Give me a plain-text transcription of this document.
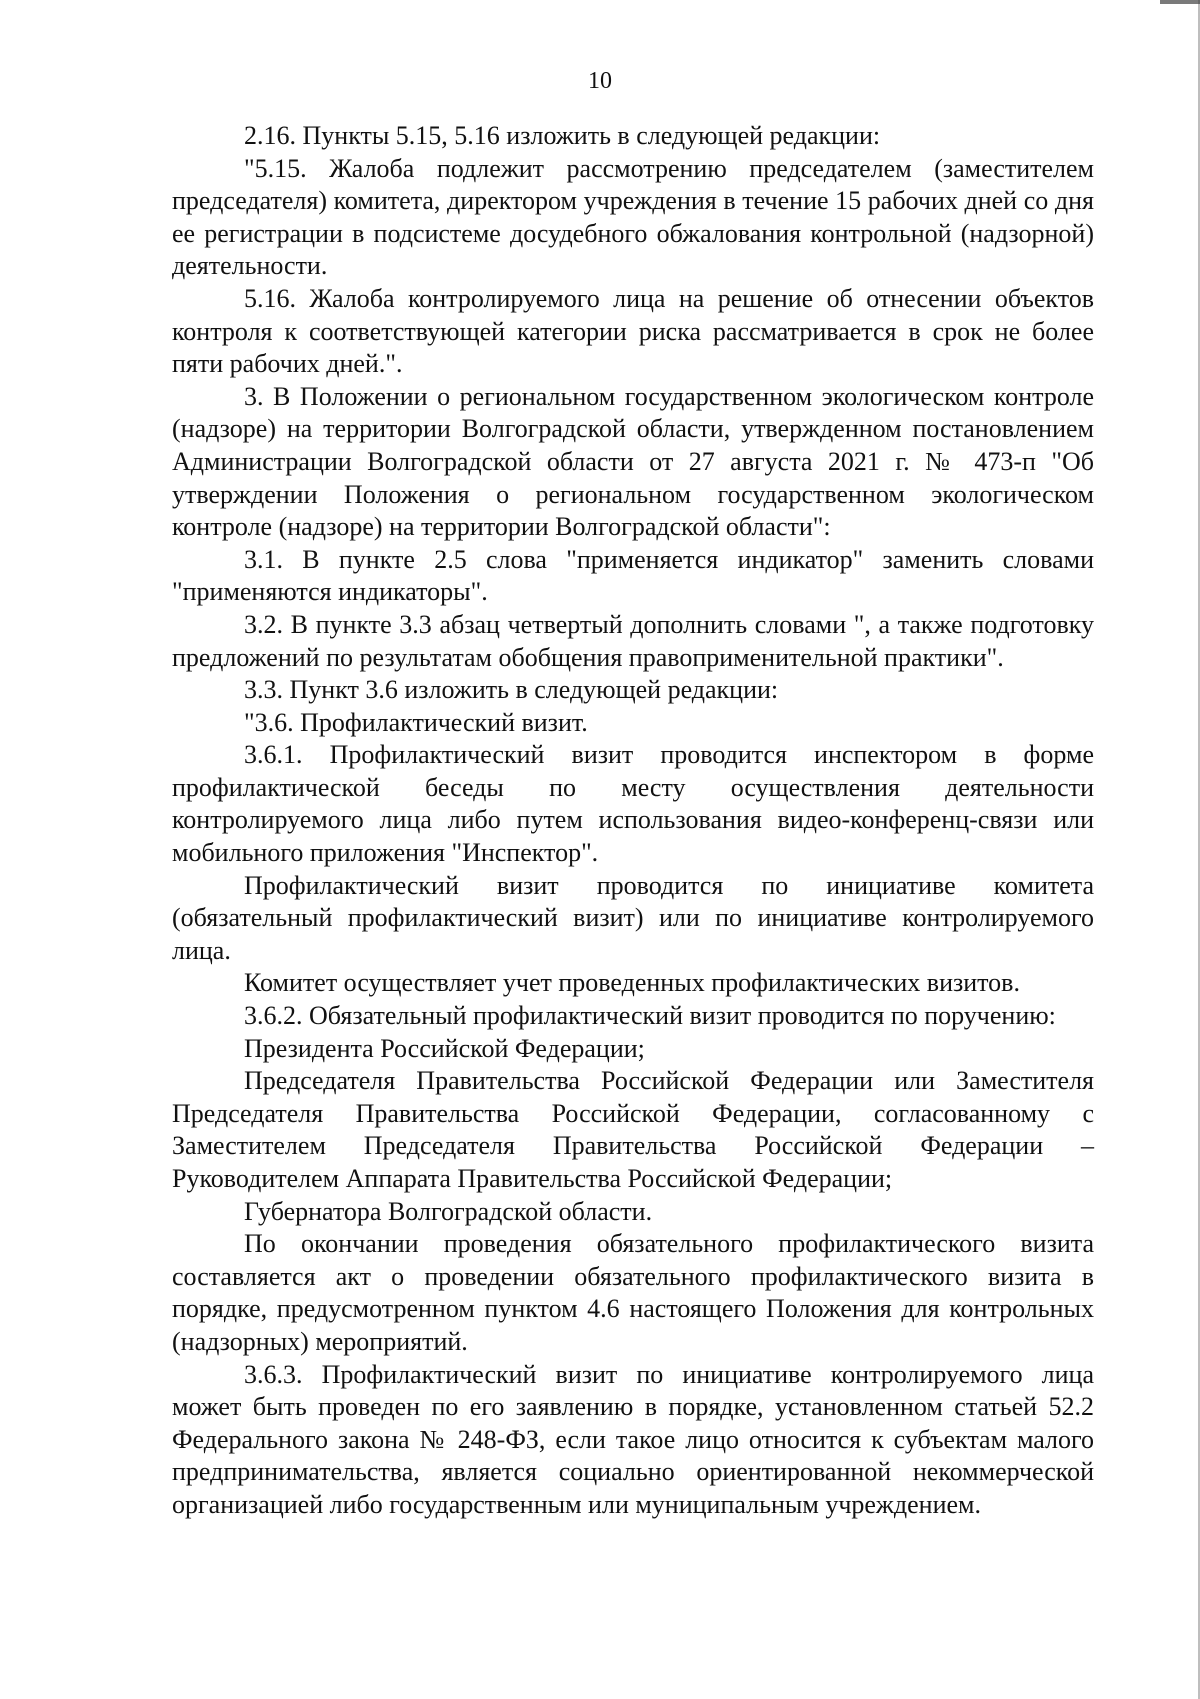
10

2.16. Пункты 5.15, 5.16 изложить в следующей редакции:

"5.15. Жалоба подлежит рассмотрению председателем (заместителем председателя) комитета, директором учреждения в течение 15 рабочих дней со дня ее регистрации в подсистеме досудебного обжалования контрольной (надзорной) деятельности.

5.16. Жалоба контролируемого лица на решение об отнесении объектов контроля к соответствующей категории риска рассматривается в срок не более пяти рабочих дней.".

3. В Положении о региональном государственном экологическом контроле (надзоре) на территории Волгоградской области, утвержденном постановлением Администрации Волгоградской области от 27 августа 2021 г. № 473-п "Об утверждении Положения о региональном государственном экологическом контроле (надзоре) на территории Волгоградской области":

3.1. В пункте 2.5 слова "применяется индикатор" заменить словами "применяются индикаторы".

3.2. В пункте 3.3 абзац четвертый дополнить словами ", а также подготовку предложений по результатам обобщения правоприменительной практики".

3.3. Пункт 3.6 изложить в следующей редакции:

"3.6. Профилактический визит.

3.6.1. Профилактический визит проводится инспектором в форме профилактической беседы по месту осуществления деятельности контролируемого лица либо путем использования видео-конференц-связи или мобильного приложения "Инспектор".

Профилактический визит проводится по инициативе комитета (обязательный профилактический визит) или по инициативе контролируемого лица.

Комитет осуществляет учет проведенных профилактических визитов.

3.6.2. Обязательный профилактический визит проводится по поручению:

Президента Российской Федерации;

Председателя Правительства Российской Федерации или Заместителя Председателя Правительства Российской Федерации, согласованному с Заместителем Председателя Правительства Российской Федерации – Руководителем Аппарата Правительства Российской Федерации;

Губернатора Волгоградской области.

По окончании проведения обязательного профилактического визита составляется акт о проведении обязательного профилактического визита в порядке, предусмотренном пунктом 4.6 настоящего Положения для контрольных (надзорных) мероприятий.

3.6.3. Профилактический визит по инициативе контролируемого лица может быть проведен по его заявлению в порядке, установленном статьей 52.2 Федерального закона № 248-ФЗ, если такое лицо относится к субъектам малого предпринимательства, является социально ориентированной некоммерческой организацией либо государственным или муниципальным учреждением.
